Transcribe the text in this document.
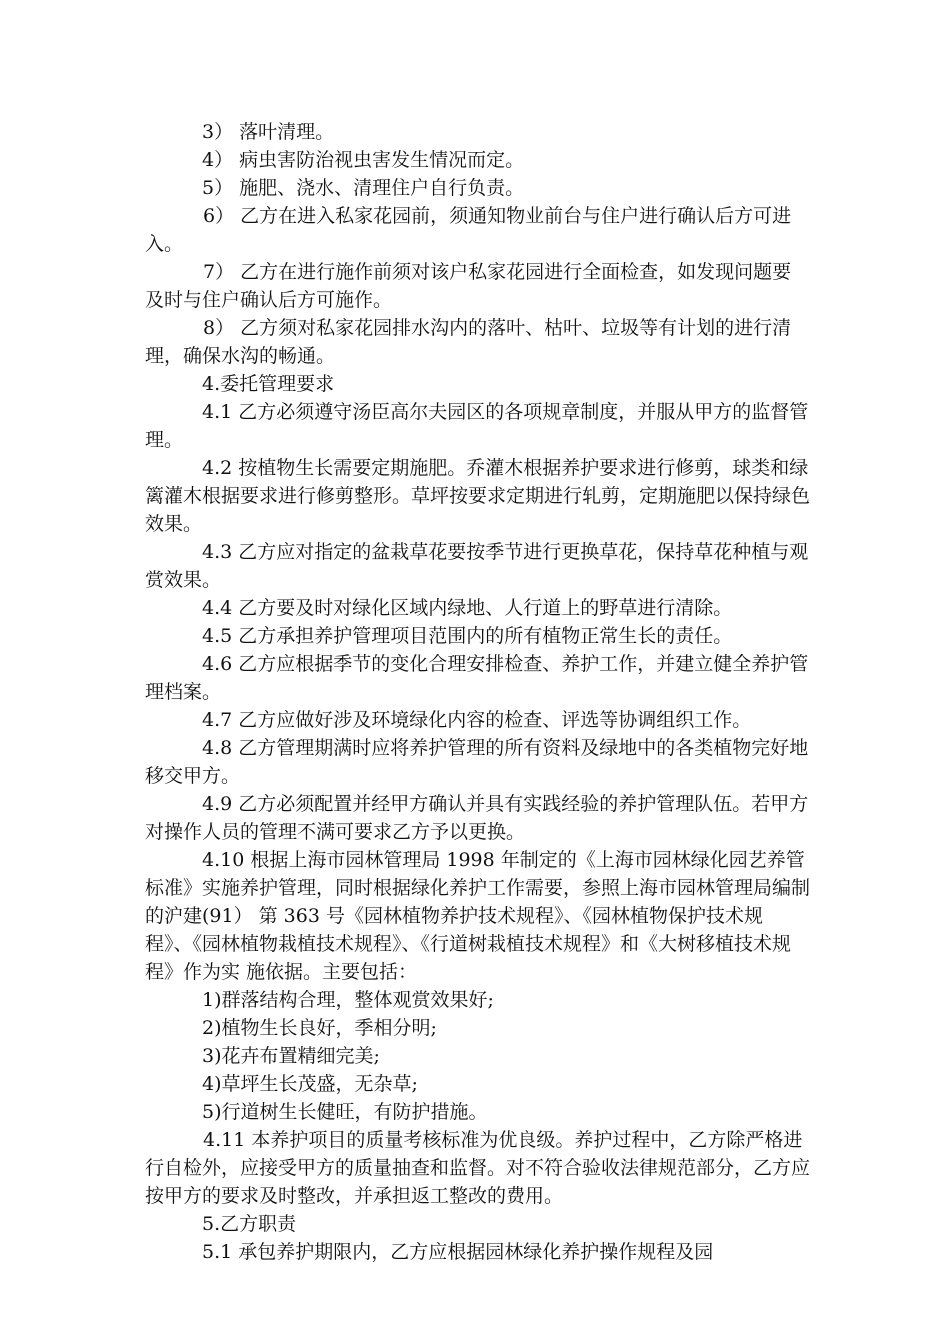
3） 落叶清理。

4） 病虫害防治视虫害发生情况而定。

5） 施肥、浇水、清理住户自行负责。

6） 乙方在进入私家花园前，须通知物业前台与住户进行确认后方可进入。

7） 乙方在进行施作前须对该户私家花园进行全面检查，如发现问题要及时与住户确认后方可施作。

8） 乙方须对私家花园排水沟内的落叶、枯叶、垃圾等有计划的进行清理，确保水沟的畅通。

4.委托管理要求

4.1 乙方必须遵守汤臣高尔夫园区的各项规章制度，并服从甲方的监督管理。

4.2 按植物生长需要定期施肥。乔灌木根据养护要求进行修剪，球类和绿篱灌木根据要求进行修剪整形。草坪按要求定期进行轧剪，定期施肥以保持绿色效果。

4.3 乙方应对指定的盆栽草花要按季节进行更换草花，保持草花种植与观赏效果。

4.4 乙方要及时对绿化区域内绿地、人行道上的野草进行清除。

4.5 乙方承担养护管理项目范围内的所有植物正常生长的责任。

4.6 乙方应根据季节的变化合理安排检查、养护工作，并建立健全养护管理档案。

4.7 乙方应做好涉及环境绿化内容的检查、评选等协调组织工作。

4.8 乙方管理期满时应将养护管理的所有资料及绿地中的各类植物完好地移交甲方。

4.9 乙方必须配置并经甲方确认并具有实践经验的养护管理队伍。若甲方对操作人员的管理不满可要求乙方予以更换。

4.10 根据上海市园林管理局 1998 年制定的《上海市园林绿化园艺养管标准》实施养护管理，同时根据绿化养护工作需要，参照上海市园林管理局编制的沪建(91） 第 363 号《园林植物养护技术规程》、《园林植物保护技术规程》、《园林植物栽植技术规程》、《行道树栽植技术规程》和《大树移植技术规程》作为实 施依据。主要包括：

1)群落结构合理，整体观赏效果好;

2)植物生长良好，季相分明;

3)花卉布置精细完美;

4)草坪生长茂盛，无杂草;

5)行道树生长健旺，有防护措施。

4.11 本养护项目的质量考核标准为优良级。养护过程中，乙方除严格进行自检外，应接受甲方的质量抽查和监督。对不符合验收法律规范部分，乙方应按甲方的要求及时整改，并承担返工整改的费用。

5.乙方职责

5.1 承包养护期限内，乙方应根据园林绿化养护操作规程及园
